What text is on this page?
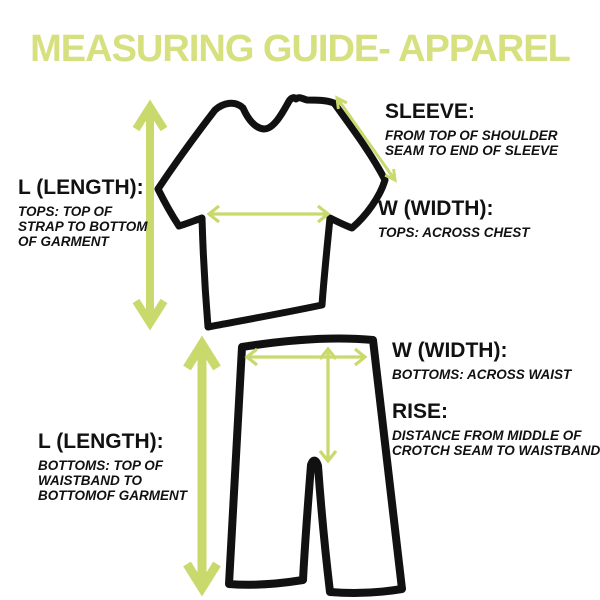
MEASURING GUIDE- APPAREL
SLEEVE:
FROM TOP OF SHOULDER
SEAM TO END OF SLEEVE
L (LENGTH):
TOPS: TOP OF
STRAP TO BOTTOM
OF GARMENT
W (WIDTH):
TOPS: ACROSS CHEST
W (WIDTH):
BOTTOMS: ACROSS WAIST
RISE:
DISTANCE FROM MIDDLE OF
CROTCH SEAM TO WAISTBAND
L (LENGTH):
BOTTOMS: TOP OF
WAISTBAND TO
BOTTOMOF GARMENT
